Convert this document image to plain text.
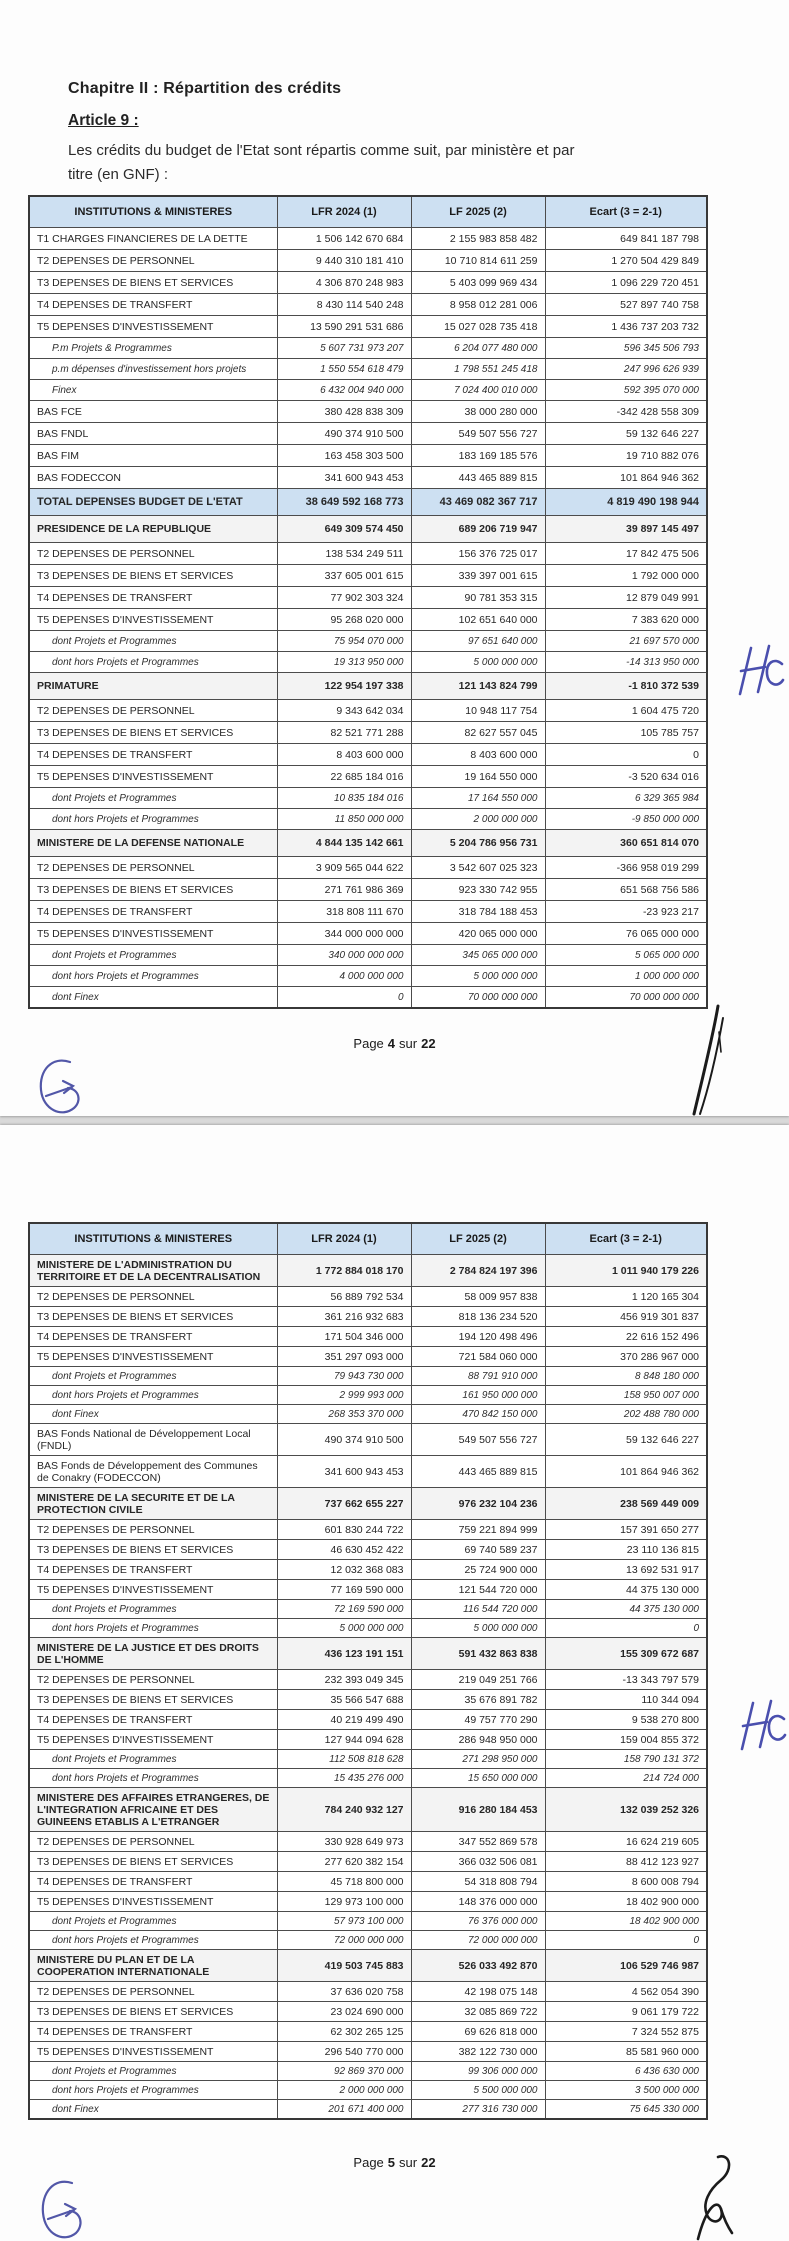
Chapitre II : Répartition des crédits
Article 9 :
Les crédits du budget de l'Etat sont répartis comme suit, par ministère et par
titre (en GNF) :
INSTITUTIONS & MINISTERES	LFR 2024 (1)	LF 2025 (2)	Ecart (3 = 2-1)
T1 CHARGES FINANCIERES DE LA DETTE	1 506 142 670 684	2 155 983 858 482	649 841 187 798
T2 DEPENSES DE PERSONNEL	9 440 310 181 410	10 710 814 611 259	1 270 504 429 849
T3 DEPENSES DE BIENS ET SERVICES	4 306 870 248 983	5 403 099 969 434	1 096 229 720 451
T4 DEPENSES DE TRANSFERT	8 430 114 540 248	8 958 012 281 006	527 897 740 758
T5 DEPENSES D'INVESTISSEMENT	13 590 291 531 686	15 027 028 735 418	1 436 737 203 732
P.m Projets & Programmes	5 607 731 973 207	6 204 077 480 000	596 345 506 793
p.m dépenses d'investissement hors projets	1 550 554 618 479	1 798 551 245 418	247 996 626 939
Finex	6 432 004 940 000	7 024 400 010 000	592 395 070 000
BAS FCE	380 428 838 309	38 000 280 000	-342 428 558 309
BAS FNDL	490 374 910 500	549 507 556 727	59 132 646 227
BAS FIM	163 458 303 500	183 169 185 576	19 710 882 076
BAS FODECCON	341 600 943 453	443 465 889 815	101 864 946 362
TOTAL DEPENSES BUDGET DE L'ETAT	38 649 592 168 773	43 469 082 367 717	4 819 490 198 944
PRESIDENCE DE LA REPUBLIQUE	649 309 574 450	689 206 719 947	39 897 145 497
T2 DEPENSES DE PERSONNEL	138 534 249 511	156 376 725 017	17 842 475 506
T3 DEPENSES DE BIENS ET SERVICES	337 605 001 615	339 397 001 615	1 792 000 000
T4 DEPENSES DE TRANSFERT	77 902 303 324	90 781 353 315	12 879 049 991
T5 DEPENSES D'INVESTISSEMENT	95 268 020 000	102 651 640 000	7 383 620 000
dont Projets et Programmes	75 954 070 000	97 651 640 000	21 697 570 000
dont hors Projets et Programmes	19 313 950 000	5 000 000 000	-14 313 950 000
PRIMATURE	122 954 197 338	121 143 824 799	-1 810 372 539
T2 DEPENSES DE PERSONNEL	9 343 642 034	10 948 117 754	1 604 475 720
T3 DEPENSES DE BIENS ET SERVICES	82 521 771 288	82 627 557 045	105 785 757
T4 DEPENSES DE TRANSFERT	8 403 600 000	8 403 600 000	0
T5 DEPENSES D'INVESTISSEMENT	22 685 184 016	19 164 550 000	-3 520 634 016
dont Projets et Programmes	10 835 184 016	17 164 550 000	6 329 365 984
dont hors Projets et Programmes	11 850 000 000	2 000 000 000	-9 850 000 000
MINISTERE DE LA DEFENSE NATIONALE	4 844 135 142 661	5 204 786 956 731	360 651 814 070
T2 DEPENSES DE PERSONNEL	3 909 565 044 622	3 542 607 025 323	-366 958 019 299
T3 DEPENSES DE BIENS ET SERVICES	271 761 986 369	923 330 742 955	651 568 756 586
T4 DEPENSES DE TRANSFERT	318 808 111 670	318 784 188 453	-23 923 217
T5 DEPENSES D'INVESTISSEMENT	344 000 000 000	420 065 000 000	76 065 000 000
dont Projets et Programmes	340 000 000 000	345 065 000 000	5 065 000 000
dont hors Projets et Programmes	4 000 000 000	5 000 000 000	1 000 000 000
dont Finex	0	70 000 000 000	70 000 000 000
Page 4 sur 22
INSTITUTIONS & MINISTERES	LFR 2024 (1)	LF 2025 (2)	Ecart (3 = 2-1)
MINISTERE DE L'ADMINISTRATION DU TERRITOIRE ET DE LA DECENTRALISATION	1 772 884 018 170	2 784 824 197 396	1 011 940 179 226
T2 DEPENSES DE PERSONNEL	56 889 792 534	58 009 957 838	1 120 165 304
T3 DEPENSES DE BIENS ET SERVICES	361 216 932 683	818 136 234 520	456 919 301 837
T4 DEPENSES DE TRANSFERT	171 504 346 000	194 120 498 496	22 616 152 496
T5 DEPENSES D'INVESTISSEMENT	351 297 093 000	721 584 060 000	370 286 967 000
dont Projets et Programmes	79 943 730 000	88 791 910 000	8 848 180 000
dont hors Projets et Programmes	2 999 993 000	161 950 000 000	158 950 007 000
dont Finex	268 353 370 000	470 842 150 000	202 488 780 000
BAS Fonds National de Développement Local (FNDL)	490 374 910 500	549 507 556 727	59 132 646 227
BAS Fonds de Développement des Communes de Conakry (FODECCON)	341 600 943 453	443 465 889 815	101 864 946 362
MINISTERE DE LA SECURITE ET DE LA PROTECTION CIVILE	737 662 655 227	976 232 104 236	238 569 449 009
T2 DEPENSES DE PERSONNEL	601 830 244 722	759 221 894 999	157 391 650 277
T3 DEPENSES DE BIENS ET SERVICES	46 630 452 422	69 740 589 237	23 110 136 815
T4 DEPENSES DE TRANSFERT	12 032 368 083	25 724 900 000	13 692 531 917
T5 DEPENSES D'INVESTISSEMENT	77 169 590 000	121 544 720 000	44 375 130 000
dont Projets et Programmes	72 169 590 000	116 544 720 000	44 375 130 000
dont hors Projets et Programmes	5 000 000 000	5 000 000 000	0
MINISTERE DE LA JUSTICE ET DES DROITS DE L'HOMME	436 123 191 151	591 432 863 838	155 309 672 687
T2 DEPENSES DE PERSONNEL	232 393 049 345	219 049 251 766	-13 343 797 579
T3 DEPENSES DE BIENS ET SERVICES	35 566 547 688	35 676 891 782	110 344 094
T4 DEPENSES DE TRANSFERT	40 219 499 490	49 757 770 290	9 538 270 800
T5 DEPENSES D'INVESTISSEMENT	127 944 094 628	286 948 950 000	159 004 855 372
dont Projets et Programmes	112 508 818 628	271 298 950 000	158 790 131 372
dont hors Projets et Programmes	15 435 276 000	15 650 000 000	214 724 000
MINISTERE DES AFFAIRES ETRANGERES, DE L'INTEGRATION AFRICAINE ET DES GUINEENS ETABLIS A L'ETRANGER	784 240 932 127	916 280 184 453	132 039 252 326
T2 DEPENSES DE PERSONNEL	330 928 649 973	347 552 869 578	16 624 219 605
T3 DEPENSES DE BIENS ET SERVICES	277 620 382 154	366 032 506 081	88 412 123 927
T4 DEPENSES DE TRANSFERT	45 718 800 000	54 318 808 794	8 600 008 794
T5 DEPENSES D'INVESTISSEMENT	129 973 100 000	148 376 000 000	18 402 900 000
dont Projets et Programmes	57 973 100 000	76 376 000 000	18 402 900 000
dont hors Projets et Programmes	72 000 000 000	72 000 000 000	0
MINISTERE DU PLAN ET DE LA COOPERATION INTERNATIONALE	419 503 745 883	526 033 492 870	106 529 746 987
T2 DEPENSES DE PERSONNEL	37 636 020 758	42 198 075 148	4 562 054 390
T3 DEPENSES DE BIENS ET SERVICES	23 024 690 000	32 085 869 722	9 061 179 722
T4 DEPENSES DE TRANSFERT	62 302 265 125	69 626 818 000	7 324 552 875
T5 DEPENSES D'INVESTISSEMENT	296 540 770 000	382 122 730 000	85 581 960 000
dont Projets et Programmes	92 869 370 000	99 306 000 000	6 436 630 000
dont hors Projets et Programmes	2 000 000 000	5 500 000 000	3 500 000 000
dont Finex	201 671 400 000	277 316 730 000	75 645 330 000
Page 5 sur 22
